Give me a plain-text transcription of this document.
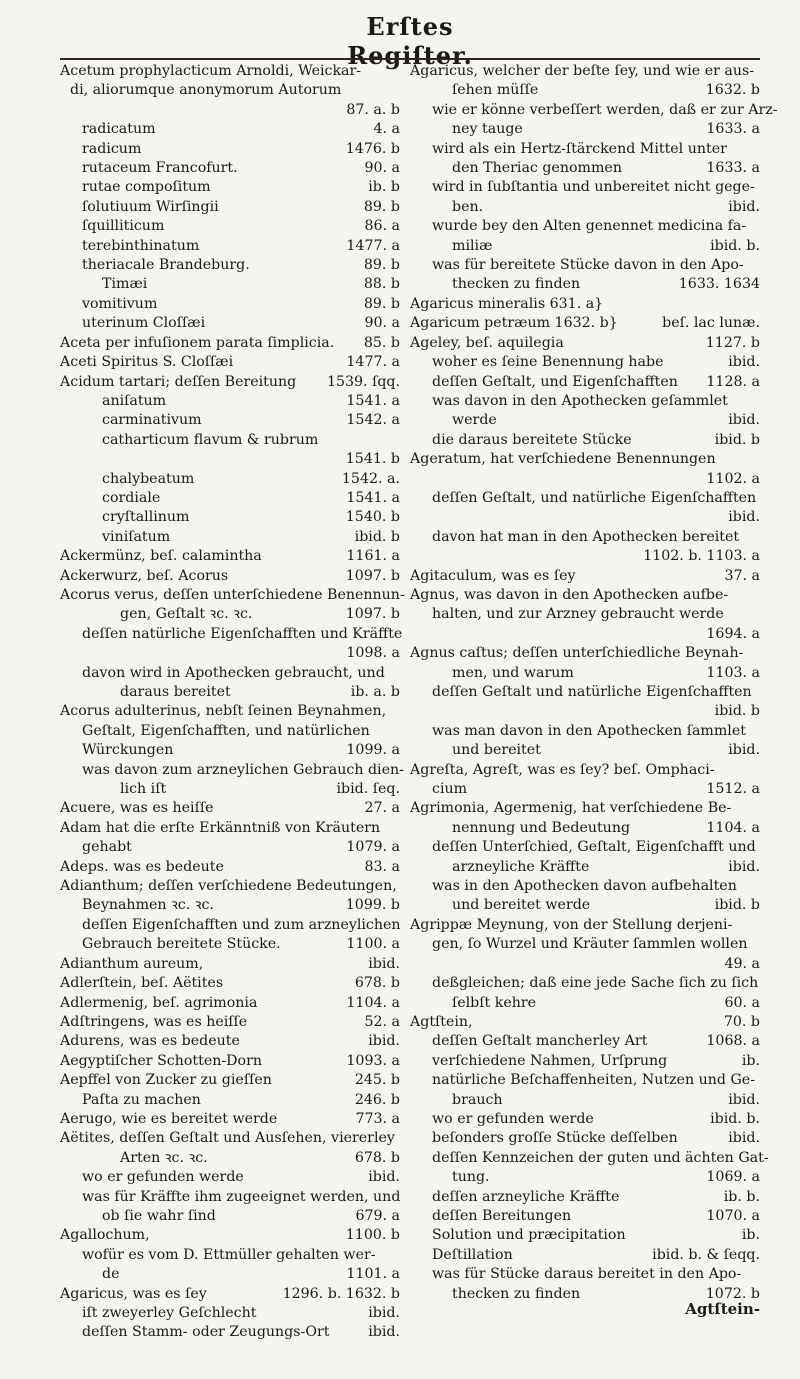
Erſtes Regiſter.
Acetum prophylacticum Arnoldi, Weickar-
di, aliorumque anonymorum Autorum
87. a. b
radicatum	4. a
radicum	1476. b
rutaceum Francofurt.	90. a
rutae compoſitum	ib. b
ſolutiuum Wirſingii	89. b
ſquilliticum	86. a
terebinthinatum	1477. a
theriacale Brandeburg.	89. b
Timæi	88. b
vomitivum	89. b
uterinum Cloſſæi	90. a
Aceta per infuſionem parata ſimplicia.	85. b
Aceti Spiritus S. Cloſſæi	1477. a
Acidum tartari; deſſen Bereitung	1539. ſqq.
aniſatum	1541. a
carminativum	1542. a
catharticum flavum & rubrum
1541. b
chalybeatum	1542. a.
cordiale	1541. a
cryſtallinum	1540. b
viniſatum	ibid. b
Ackermünz, beſ. calamintha	1161. a
Ackerwurz, beſ. Acorus	1097. b
Acorus verus, deſſen unterſchiedene Benennun-
gen, Geſtalt ꝛc. ꝛc.	1097. b
deſſen natürliche Eigenſchafften und Kräffte
1098. a
davon wird in Apothecken gebraucht, und
daraus bereitet	ib. a. b
Acorus adulterinus, nebſt ſeinen Beynahmen,
Geſtalt, Eigenſchafften, und natürlichen
Würckungen	1099. a
was davon zum arzneylichen Gebrauch dien-
lich iſt	ibid. ſeq.
Acuere, was es heiſſe	27. a
Adam hat die erſte Erkänntniß von Kräutern
gehabt	1079. a
Adeps. was es bedeute	83. a
Adianthum; deſſen verſchiedene Bedeutungen,
Beynahmen ꝛc. ꝛc.	1099. b
deſſen Eigenſchafften und zum arzneylichen
Gebrauch bereitete Stücke.	1100. a
Adianthum aureum,	ibid.
Adlerſtein, beſ. Aëtites	678. b
Adlermenig, beſ. agrimonia	1104. a
Adſtringens, was es heiſſe	52. a
Adurens, was es bedeute	ibid.
Aegyptiſcher Schotten-Dorn	1093. a
Aepffel von Zucker zu gieſſen	245. b
Paſta zu machen	246. b
Aerugo, wie es bereitet werde	773. a
Aëtites, deſſen Geſtalt und Ausſehen, viererley
Arten ꝛc. ꝛc.	678. b
wo er gefunden werde	ibid.
was für Kräffte ihm zugeeignet werden, und
ob ſie wahr ſind	679. a
Agallochum,	1100. b
wofür es vom D. Ettmüller gehalten wer-
de	1101. a
Agaricus, was es ſey	1296. b. 1632. b
iſt zweyerley Geſchlecht	ibid.
deſſen Stamm- oder Zeugungs-Ort	ibid.
Agaricus, welcher der beſte ſey, und wie er aus-
ſehen müſſe	1632. b
wie er könne verbeſſert werden, daß er zur Arz-
ney tauge	1633. a
wird als ein Hertz-ſtärckend Mittel unter
den Theriac genommen	1633. a
wird in ſubſtantia und unbereitet nicht gege-
ben.	ibid.
wurde bey den Alten genennet medicina fa-
miliæ	ibid. b.
was für bereitete Stücke davon in den Apo-
thecken zu finden	1633. 1634
Agaricus mineralis 631. a}
Agaricum petræum 1632. b}	beſ. lac lunæ.
Ageley, beſ. aquilegia	1127. b
woher es ſeine Benennung habe	ibid.
deſſen Geſtalt, und Eigenſchafften	1128. a
was davon in den Apothecken geſammlet
werde	ibid.
die daraus bereitete Stücke	ibid. b
Ageratum, hat verſchiedene Benennungen
1102. a
deſſen Geſtalt, und natürliche Eigenſchafften
ibid.
davon hat man in den Apothecken bereitet
1102. b. 1103. a
Agitaculum, was es ſey	37. a
Agnus, was davon in den Apothecken aufbe-
halten, und zur Arzney gebraucht werde
1694. a
Agnus caſtus; deſſen unterſchiedliche Beynah-
men, und warum	1103. a
deſſen Geſtalt und natürliche Eigenſchafften
ibid. b
was man davon in den Apothecken ſammlet
und bereitet	ibid.
Agreſta, Agreſt, was es ſey? beſ. Omphaci-
cium	1512. a
Agrimonia, Agermenig, hat verſchiedene Be-
nennung und Bedeutung	1104. a
deſſen Unterſchied, Geſtalt, Eigenſchafft und
arzneyliche Kräffte	ibid.
was in den Apothecken davon aufbehalten
und bereitet werde	ibid. b
Agrippæ Meynung, von der Stellung derjeni-
gen, ſo Wurzel und Kräuter ſammlen wollen
49. a
deßgleichen; daß eine jede Sache ſich zu ſich
ſelbſt kehre	60. a
Agtſtein,	70. b
deſſen Geſtalt mancherley Art	1068. a
verſchiedene Nahmen, Urſprung	ib.
natürliche Beſchaffenheiten, Nutzen und Ge-
brauch	ibid.
wo er gefunden werde	ibid. b.
beſonders groſſe Stücke deſſelben	ibid.
deſſen Kennzeichen der guten und ächten Gat-
tung.	1069. a
deſſen arzneyliche Kräffte	ib. b.
deſſen Bereitungen	1070. a
Solution und præcipitation	ib.
Deſtillation	ibid. b. & ſeqq.
was für Stücke daraus bereitet in den Apo-
thecken zu finden	1072. b
Agtſtein-
